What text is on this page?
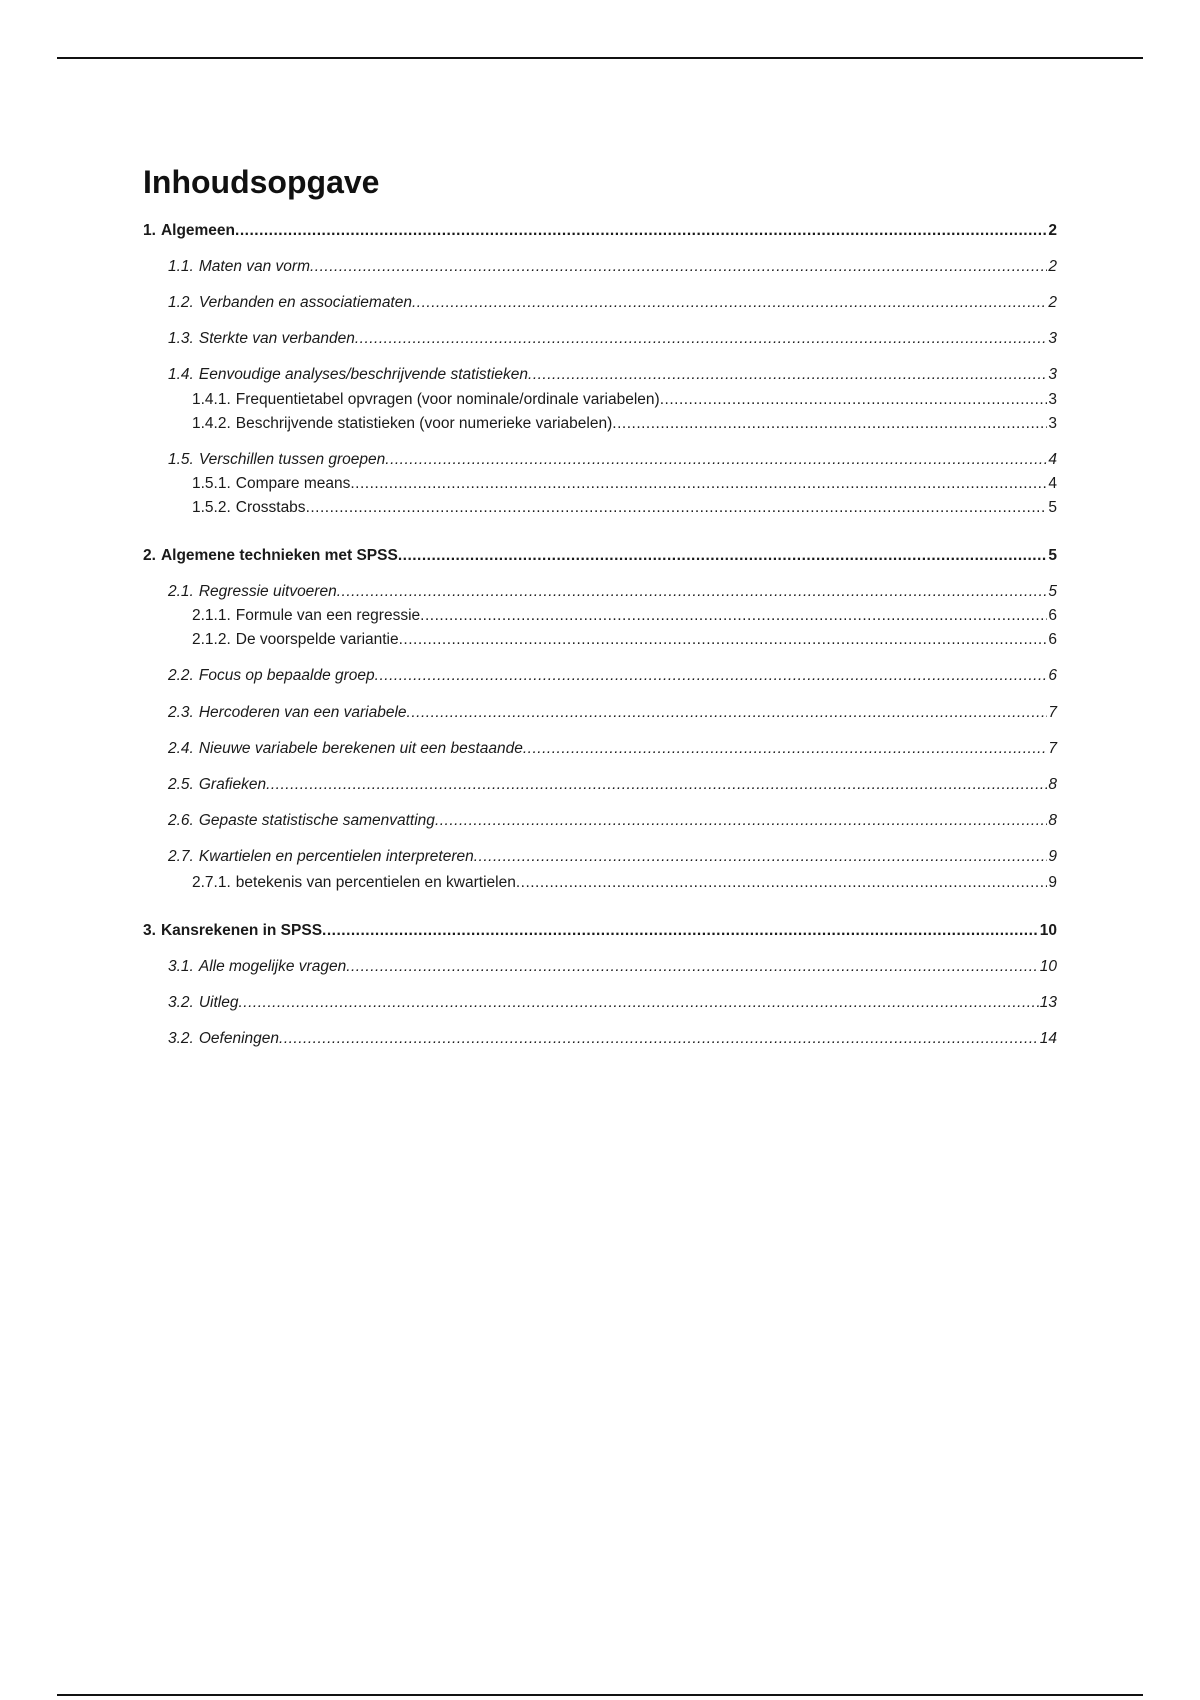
Inhoudsopgave
1. Algemeen .....	2
1.1. Maten van vorm .....	2
1.2. Verbanden en associatiematen .....	2
1.3. Sterkte van verbanden .....	3
1.4. Eenvoudige analyses/beschrijvende statistieken .....	3
1.4.1. Frequentietabel opvragen (voor nominale/ordinale variabelen) .....	3
1.4.2. Beschrijvende statistieken (voor numerieke variabelen) .....	3
1.5. Verschillen tussen groepen .....	4
1.5.1. Compare means .....	4
1.5.2. Crosstabs .....	5
2. Algemene technieken met SPSS .....	5
2.1. Regressie uitvoeren .....	5
2.1.1. Formule van een regressie .....	6
2.1.2. De voorspelde variantie .....	6
2.2. Focus op bepaalde groep .....	6
2.3. Hercoderen van een variabele .....	7
2.4. Nieuwe variabele berekenen uit een bestaande .....	7
2.5. Grafieken .....	8
2.6. Gepaste statistische samenvatting .....	8
2.7. Kwartielen en percentielen interpreteren .....	9
2.7.1. betekenis van percentielen en kwartielen .....	9
3. Kansrekenen in SPSS .....	10
3.1. Alle mogelijke vragen .....	10
3.2. Uitleg .....	13
3.2. Oefeningen .....	14
